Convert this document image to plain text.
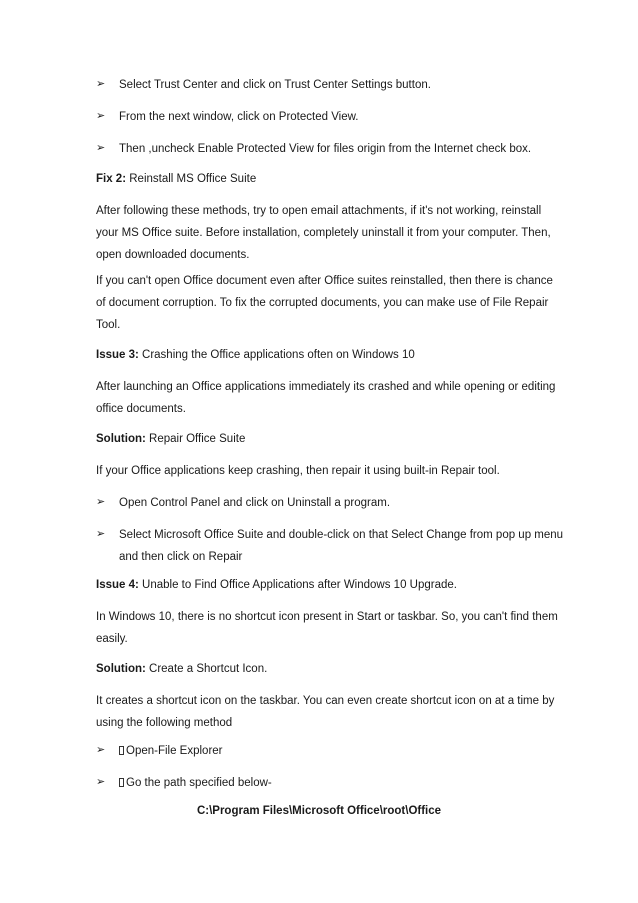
➢ Select Trust Center and click on Trust Center Settings button.

➢ From the next window, click on Protected View.

➢ Then ,uncheck Enable Protected View for files origin from the Internet check box.

Fix 2: Reinstall MS Office Suite

After following these methods, try to open email attachments, if it's not working, reinstall

your MS Office suite. Before installation, completely uninstall it from your computer. Then,

open downloaded documents.

If you can't open Office document even after Office suites reinstalled, then there is chance

of document corruption. To fix the corrupted documents, you can make use of File Repair

Tool.

Issue 3: Crashing the Office applications often on Windows 10

After launching an Office applications immediately its crashed and while opening or editing

office documents.

Solution: Repair Office Suite

If your Office applications keep crashing, then repair it using built-in Repair tool.

➢ Open Control Panel and click on Uninstall a program.

➢ Select Microsoft Office Suite and double-click on that Select Change from pop up menu

and then click on Repair

Issue 4: Unable to Find Office Applications after Windows 10 Upgrade.

In Windows 10, there is no shortcut icon present in Start or taskbar. So, you can't find them

easily.

Solution: Create a Shortcut Icon.

It creates a shortcut icon on the taskbar. You can even create shortcut icon on at a time by

using the following method

➢	Open-File Explorer

➢	Go the path specified below-

C:\Program Files\Microsoft Office\root\Office
